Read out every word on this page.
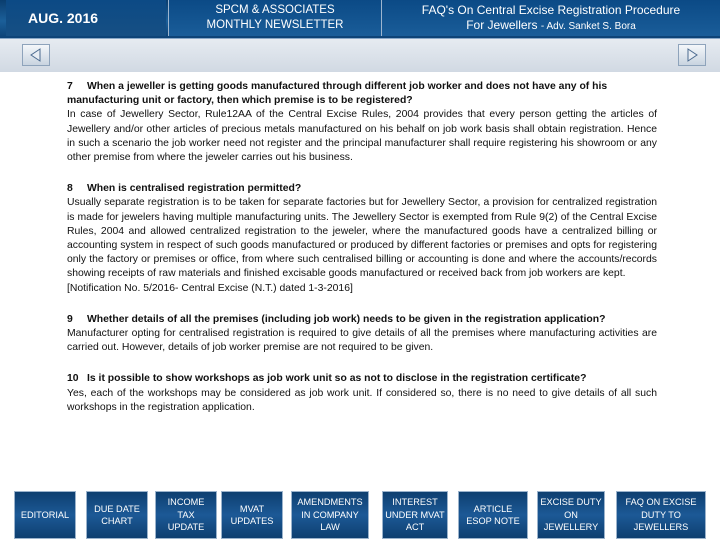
AUG. 2016	SPCM & ASSOCIATES
MONTHLY NEWSLETTER
FAQ's On Central Excise Registration Procedure
For Jewellers - Adv. Sanket S. Bora
7 When a jeweller is getting goods manufactured through different job worker and does not have any of his manufacturing unit or factory, then which premise is to be registered?
In case of Jewellery Sector, Rule12AA of the Central Excise Rules, 2004 provides that every person getting the articles of Jewellery and/or other articles of precious metals manufactured on his behalf on job work basis shall obtain registration. Hence in such a scenario the job worker need not register and the principal manufacturer shall require registering his showroom or any other premise from where the jeweler carries out his business.
8 When is centralised registration permitted?
Usually separate registration is to be taken for separate factories but for Jewellery Sector, a provision for centralized registration is made for jewelers having multiple manufacturing units. The Jewellery Sector is exempted from Rule 9(2) of the Central Excise Rules, 2004 and allowed centralized registration to the jeweler, where the manufactured goods have a centralized billing or accounting system in respect of such goods manufactured or produced by different factories or premises and opts for registering only the factory or premises or office, from where such centralised billing or accounting is done and where the accounts/records showing receipts of raw materials and finished excisable goods manufactured or received back from job workers are kept.
[Notification No. 5/2016- Central Excise (N.T.) dated 1-3-2016]
9 Whether details of all the premises (including job work) needs to be given in the registration application?
Manufacturer opting for centralised registration is required to give details of all the premises where manufacturing activities are carried out. However, details of job worker premise are not required to be given.
10 Is it possible to show workshops as job work unit so as not to disclose in the registration certificate?
Yes, each of the workshops may be considered as job work unit. If considered so, there is no need to give details of all such workshops in the registration application.
EDITORIAL
DUE DATE CHART
INCOME TAX UPDATE
MVAT UPDATES
AMENDMENTS IN COMPANY LAW
INTEREST UNDER MVAT ACT
ARTICLE ESOP NOTE
EXCISE DUTY ON JEWELLERY
FAQ ON EXCISE DUTY TO JEWELLERS
